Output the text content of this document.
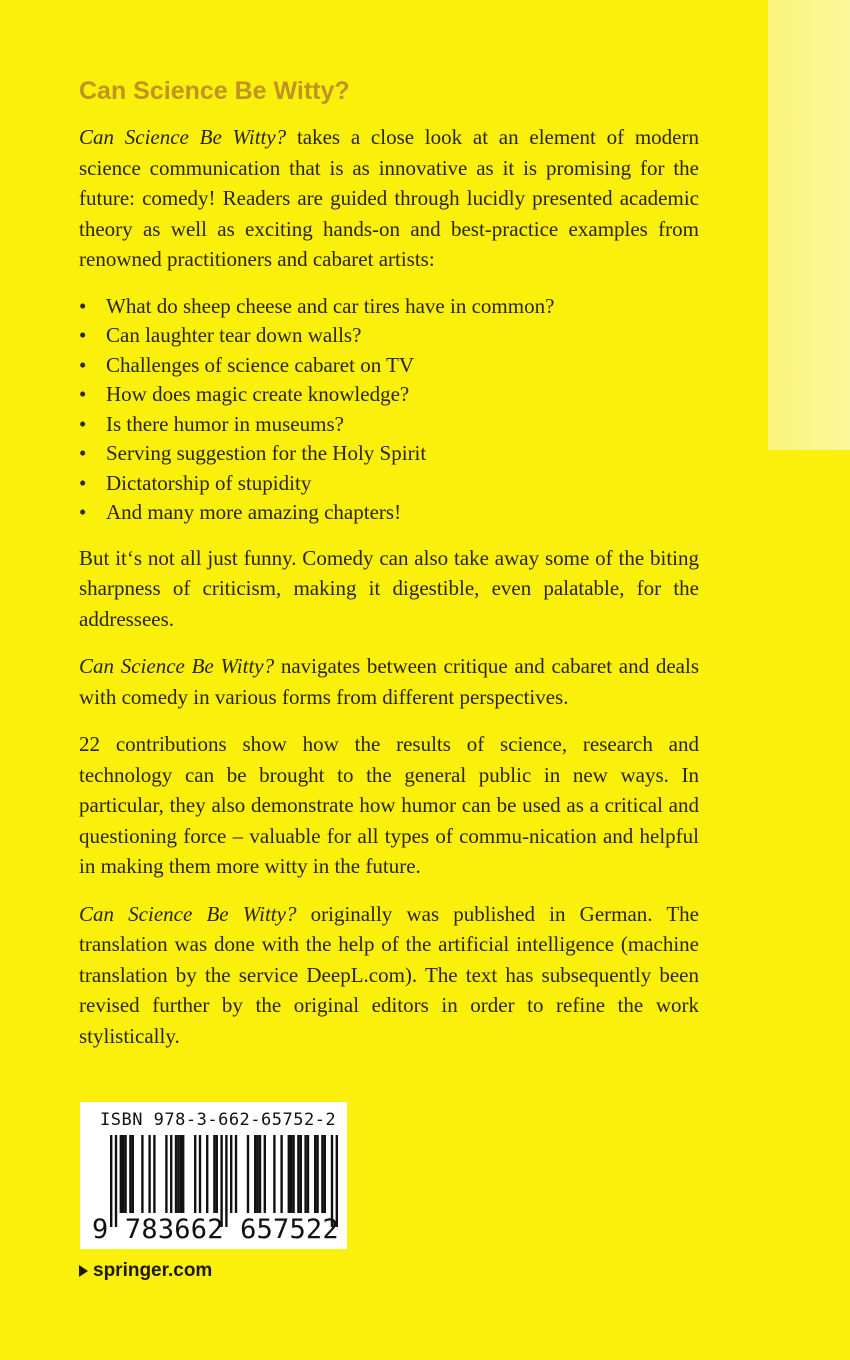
Can Science Be Witty?

Can Science Be Witty? takes a close look at an element of modern science communication that is as innovative as it is promising for the future: comedy! Readers are guided through lucidly presented academic theory as well as exciting hands-on and best-practice examples from renowned practitioners and cabaret artists:

• What do sheep cheese and car tires have in common?
• Can laughter tear down walls?
• Challenges of science cabaret on TV
• How does magic create knowledge?
• Is there humor in museums?
• Serving suggestion for the Holy Spirit
• Dictatorship of stupidity
• And many more amazing chapters!

But it‘s not all just funny. Comedy can also take away some of the biting sharpness of criticism, making it digestible, even palatable, for the addressees.

Can Science Be Witty? navigates between critique and cabaret and deals with comedy in various forms from different perspectives.

22 contributions show how the results of science, research and technology can be brought to the general public in new ways. In particular, they also demonstrate how humor can be used as a critical and questioning force – valuable for all types of commu-nication and helpful in making them more witty in the future.

Can Science Be Witty? originally was published in German. The translation was done with the help of the artificial intelligence (machine translation by the service DeepL.com). The text has subsequently been revised further by the original editors in order to refine the work stylistically.

ISBN 978-3-662-65752-2
9 783662 657522
springer.com
